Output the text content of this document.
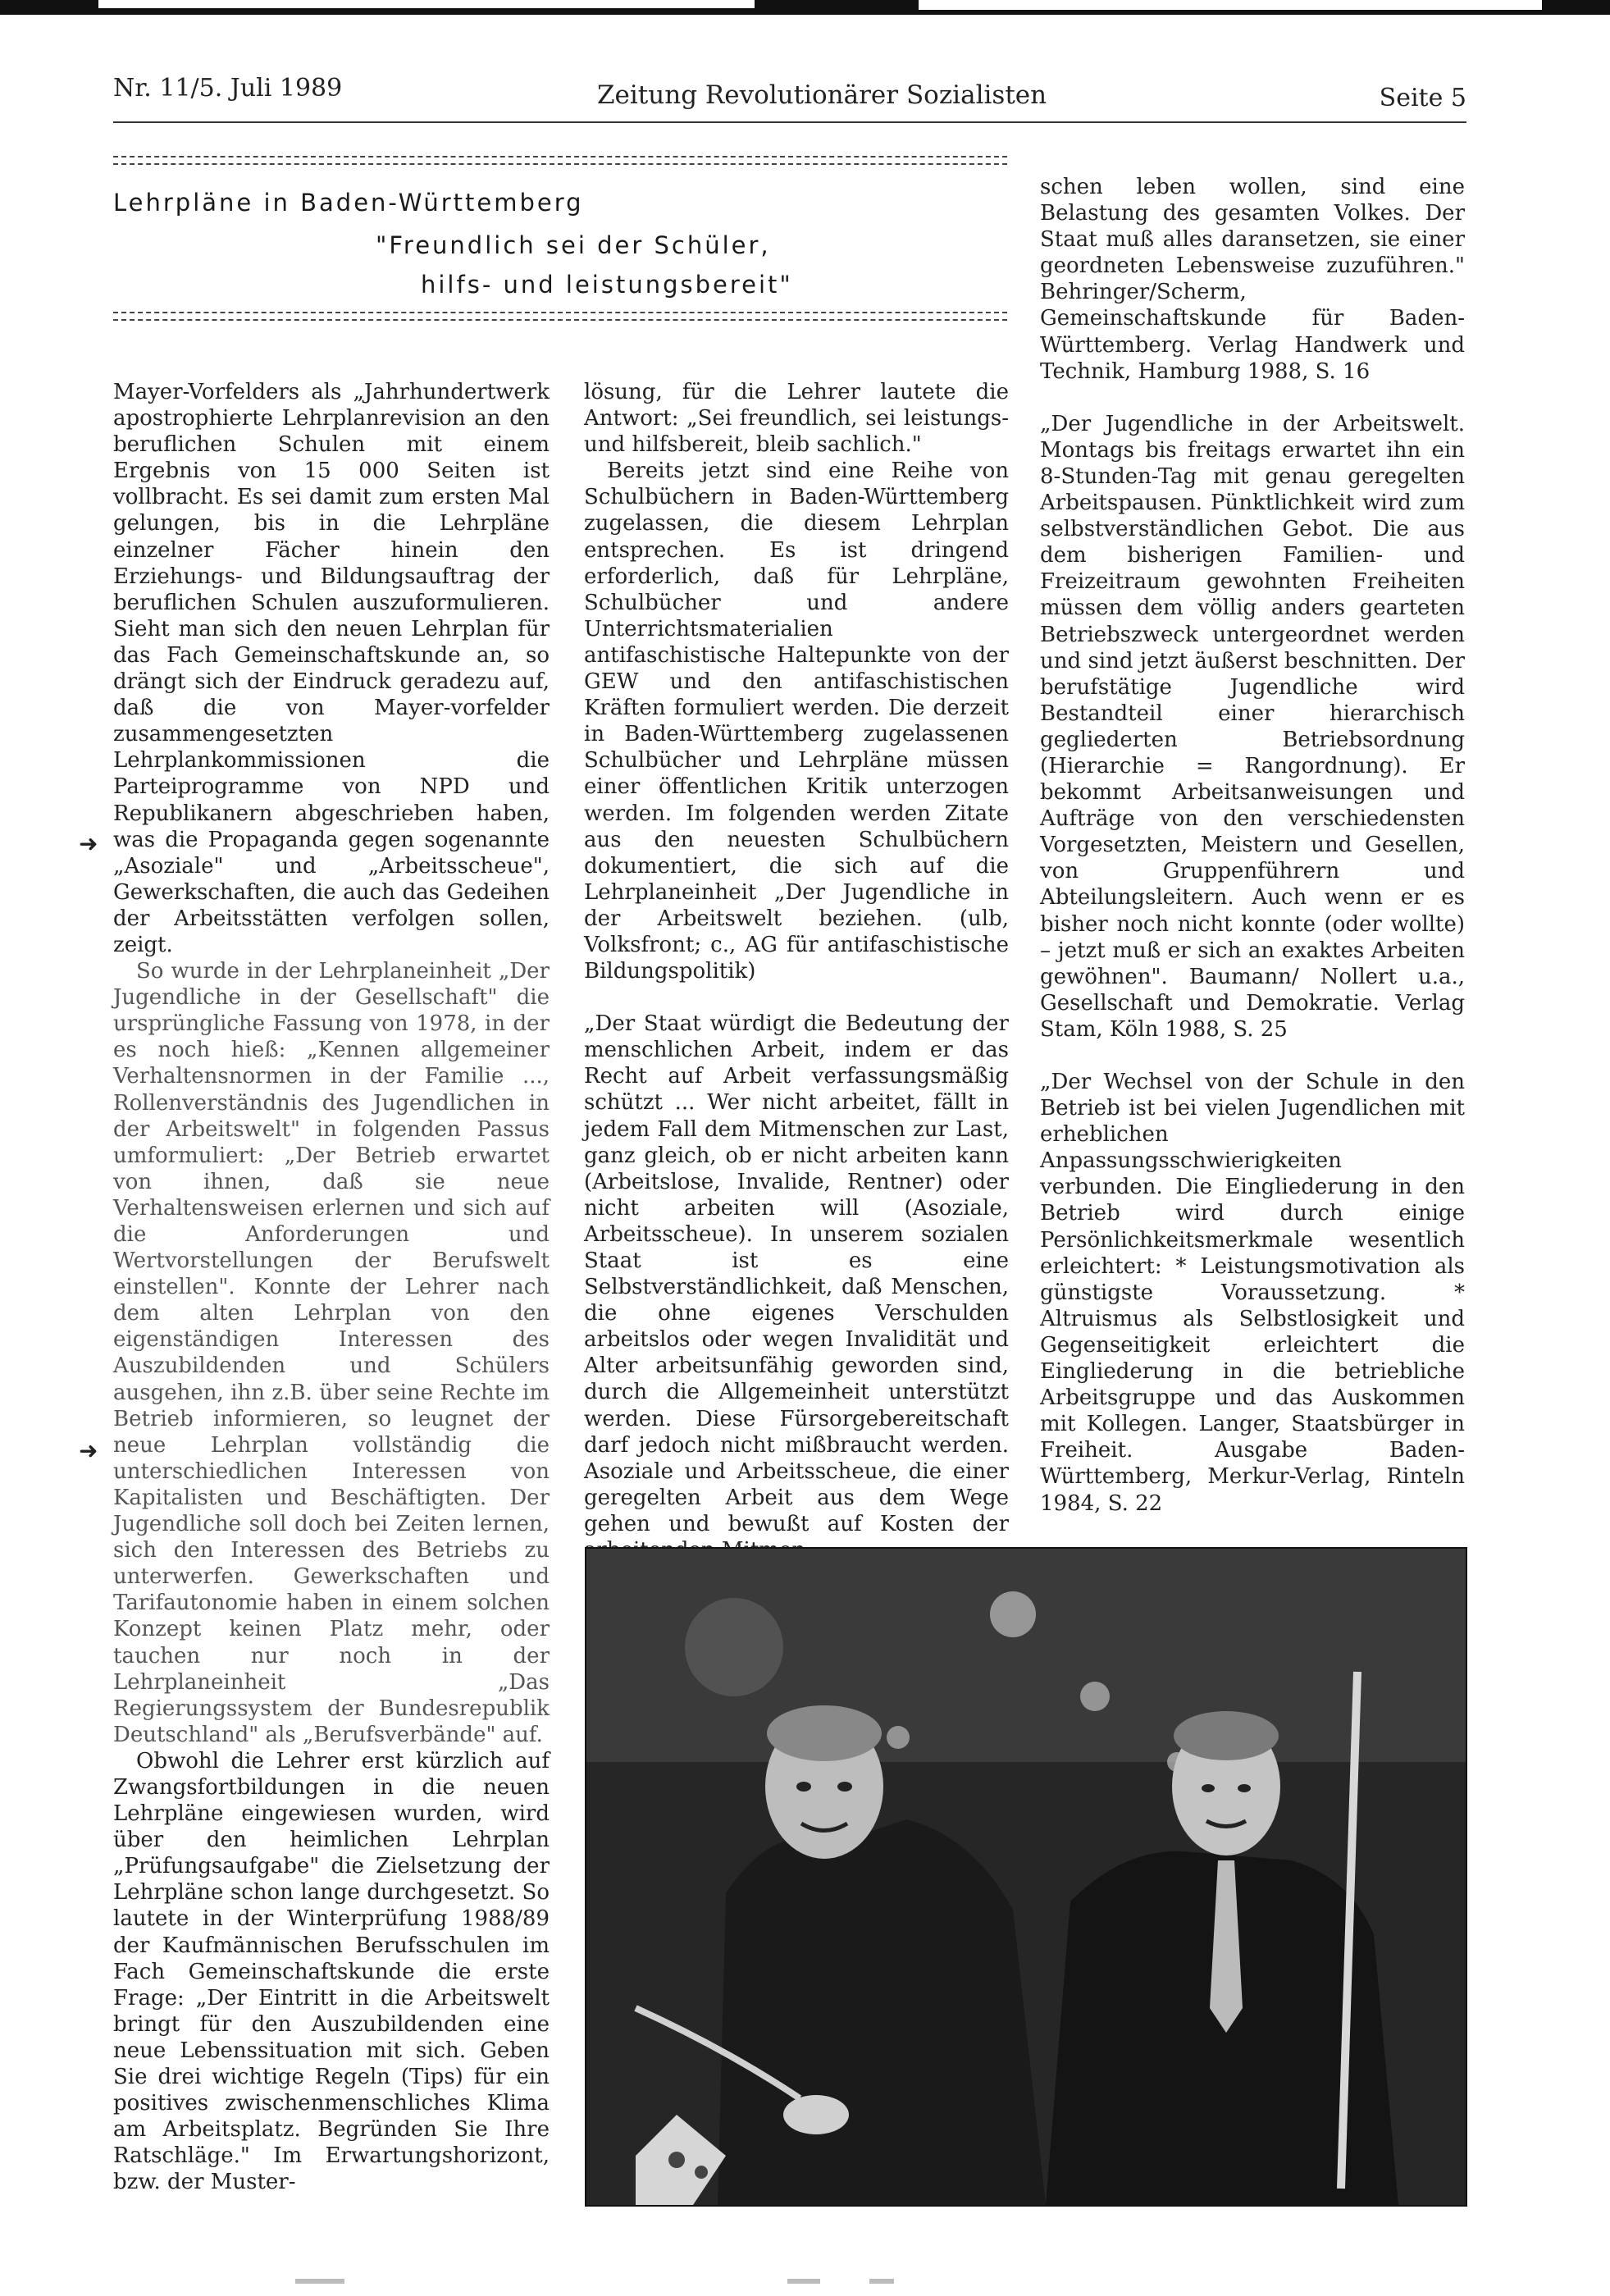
Nr. 11/5. Juli 1989	Zeitung Revolutionärer Sozialisten	Seite 5
Lehrpläne in Baden-Württemberg
"Freundlich sei der Schüler,
hilfs- und leistungsbereit"

Mayer-Vorfelders als „Jahrhundertwerk apostrophierte Lehrplanrevision an den beruflichen Schulen mit einem Ergebnis von 15 000 Seiten ist vollbracht. Es sei damit zum ersten Mal gelungen, bis in die Lehrpläne einzelner Fächer hinein den Erziehungs- und Bildungsauftrag der beruflichen Schulen auszuformulieren. Sieht man sich den neuen Lehrplan für das Fach Gemeinschaftskunde an, so drängt sich der Eindruck geradezu auf, daß die von Mayer-vorfelder zusammengesetzten Lehrplankommissionen die Parteiprogramme von NPD und Republikanern abgeschrieben haben, was die Propaganda gegen sogenannte „Asoziale" und „Arbeitsscheue", Gewerkschaften, die auch das Gedeihen der Arbeitsstätten verfolgen sollen, zeigt.

So wurde in der Lehrplaneinheit „Der Jugendliche in der Gesellschaft" die ursprüngliche Fassung von 1978, in der es noch hieß: „Kennen allgemeiner Verhaltensnormen in der Familie ..., Rollenverständnis des Jugendlichen in der Arbeitswelt" in folgenden Passus umformuliert: „Der Betrieb erwartet von ihnen, daß sie neue Verhaltensweisen erlernen und sich auf die Anforderungen und Wertvorstellungen der Berufswelt einstellen". Konnte der Lehrer nach dem alten Lehrplan von den eigenständigen Interessen des Auszubildenden und Schülers ausgehen, ihn z.B. über seine Rechte im Betrieb informieren, so leugnet der neue Lehrplan vollständig die unterschiedlichen Interessen von Kapitalisten und Beschäftigten. Der Jugendliche soll doch bei Zeiten lernen, sich den Interessen des Betriebs zu unterwerfen. Gewerkschaften und Tarifautonomie haben in einem solchen Konzept keinen Platz mehr, oder tauchen nur noch in der Lehrplaneinheit „Das Regierungssystem der Bundesrepublik Deutschland" als „Berufsverbände" auf.

Obwohl die Lehrer erst kürzlich auf Zwangsfortbildungen in die neuen Lehrpläne eingewiesen wurden, wird über den heimlichen Lehrplan „Prüfungsaufgabe" die Zielsetzung der Lehrpläne schon lange durchgesetzt. So lautete in der Winterprüfung 1988/89 der Kaufmännischen Berufsschulen im Fach Gemeinschaftskunde die erste Frage: „Der Eintritt in die Arbeitswelt bringt für den Auszubildenden eine neue Lebenssituation mit sich. Geben Sie drei wichtige Regeln (Tips) für ein positives zwischenmenschliches Klima am Arbeitsplatz. Begründen Sie Ihre Ratschläge." Im Erwartungshorizont, bzw. der Muster-

➜
➜

lösung, für die Lehrer lautete die Antwort: „Sei freundlich, sei leistungs- und hilfsbereit, bleib sachlich."

Bereits jetzt sind eine Reihe von Schulbüchern in Baden-Württemberg zugelassen, die diesem Lehrplan entsprechen. Es ist dringend erforderlich, daß für Lehrpläne, Schulbücher und andere Unterrichtsmaterialien antifaschistische Haltepunkte von der GEW und den antifaschistischen Kräften formuliert werden. Die derzeit in Baden-Württemberg zugelassenen Schulbücher und Lehrpläne müssen einer öffentlichen Kritik unterzogen werden. Im folgenden werden Zitate aus den neuesten Schulbüchern dokumentiert, die sich auf die Lehrplaneinheit „Der Jugendliche in der Arbeitswelt beziehen. (ulb, Volksfront; c., AG für antifaschistische Bildungspolitik)

„Der Staat würdigt die Bedeutung der menschlichen Arbeit, indem er das Recht auf Arbeit verfassungsmäßig schützt ... Wer nicht arbeitet, fällt in jedem Fall dem Mitmenschen zur Last, ganz gleich, ob er nicht arbeiten kann (Arbeitslose, Invalide, Rentner) oder nicht arbeiten will (Asoziale, Arbeitsscheue). In unserem sozialen Staat ist es eine Selbstverständlichkeit, daß Menschen, die ohne eigenes Verschulden arbeitslos oder wegen Invalidität und Alter arbeitsunfähig geworden sind, durch die Allgemeinheit unterstützt werden. Diese Fürsorgebereitschaft darf jedoch nicht mißbraucht werden. Asoziale und Arbeitsscheue, die einer geregelten Arbeit aus dem Wege gehen und bewußt auf Kosten der

schen leben wollen, sind eine Belastung des gesamten Volkes. Der Staat muß alles daransetzen, sie einer geordneten Lebensweise zuzuführen." Behringer/Scherm, Gemeinschaftskunde für Baden-Württemberg. Verlag Handwerk und Technik, Hamburg 1988, S. 16

„Der Jugendliche in der Arbeitswelt. Montags bis freitags erwartet ihn ein 8-Stunden-Tag mit genau geregelten Arbeitspausen. Pünktlichkeit wird zum selbstverständlichen Gebot. Die aus dem bisherigen Familien- und Freizeitraum gewohnten Freiheiten müssen dem völlig anders gearteten Betriebszweck untergeordnet werden und sind jetzt äußerst beschnitten. Der berufstätige Jugendliche wird Bestandteil einer hierarchisch gegliederten Betriebsordnung (Hierarchie = Rangordnung). Er bekommt Arbeitsanweisungen und Aufträge von den verschiedensten Vorgesetzten, Meistern und Gesellen, von Gruppenführern und Abteilungsleitern. Auch wenn er es bisher noch nicht konnte (oder wollte) – jetzt muß er sich an exaktes Arbeiten gewöhnen". Baumann/ Nollert u.a., Gesellschaft und Demokratie. Verlag Stam, Köln 1988, S. 25

„Der Wechsel von der Schule in den Betrieb ist bei vielen Jugendlichen mit erheblichen Anpassungsschwierigkeiten verbunden. Die Eingliederung in den Betrieb wird durch einige Persönlichkeitsmerkmale wesentlich erleichtert: * Leistungsmotivation als günstigste Voraussetzung. * Altruismus als Selbstlosigkeit und Gegenseitigkeit erleichtert die Eingliederung in die betriebliche Arbeitsgruppe und das Auskommen mit Kollegen. Langer, Staatsbürger in Freiheit. Ausgabe Baden-Württemberg, Merkur-Verlag, Rinteln 1984, S. 22
